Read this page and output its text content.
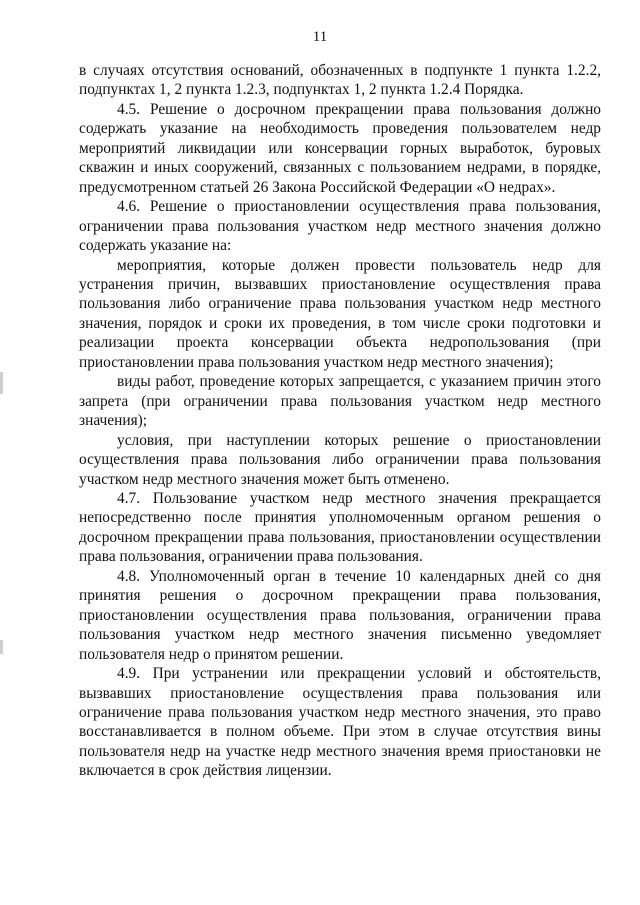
11

в случаях отсутствия оснований, обозначенных в подпункте 1 пункта 1.2.2, подпунктах 1, 2 пункта 1.2.3, подпунктах 1, 2 пункта 1.2.4 Порядка.

4.5. Решение о досрочном прекращении права пользования должно содержать указание на необходимость проведения пользователем недр мероприятий ликвидации или консервации горных выработок, буровых скважин и иных сооружений, связанных с пользованием недрами, в порядке, предусмотренном статьей 26 Закона Российской Федерации «О недрах».

4.6. Решение о приостановлении осуществления права пользования, ограничении права пользования участком недр местного значения должно содержать указание на:

мероприятия, которые должен провести пользователь недр для устранения причин, вызвавших приостановление осуществления права пользования либо ограничение права пользования участком недр местного значения, порядок и сроки их проведения, в том числе сроки подготовки и реализации проекта консервации объекта недропользования (при приостановлении права пользования участком недр местного значения);

виды работ, проведение которых запрещается, с указанием причин этого запрета (при ограничении права пользования участком недр местного значения);

условия, при наступлении которых решение о приостановлении осуществления права пользования либо ограничении права пользования участком недр местного значения может быть отменено.

4.7. Пользование участком недр местного значения прекращается непосредственно после принятия уполномоченным органом решения о досрочном прекращении права пользования, приостановлении осуществлении права пользования, ограничении права пользования.

4.8. Уполномоченный орган в течение 10 календарных дней со дня принятия решения о досрочном прекращении права пользования, приостановлении осуществления права пользования, ограничении права пользования участком недр местного значения письменно уведомляет пользователя недр о принятом решении.

4.9. При устранении или прекращении условий и обстоятельств, вызвавших приостановление осуществления права пользования или ограничение права пользования участком недр местного значения, это право восстанавливается в полном объеме. При этом в случае отсутствия вины пользователя недр на участке недр местного значения время приостановки не включается в срок действия лицензии.
